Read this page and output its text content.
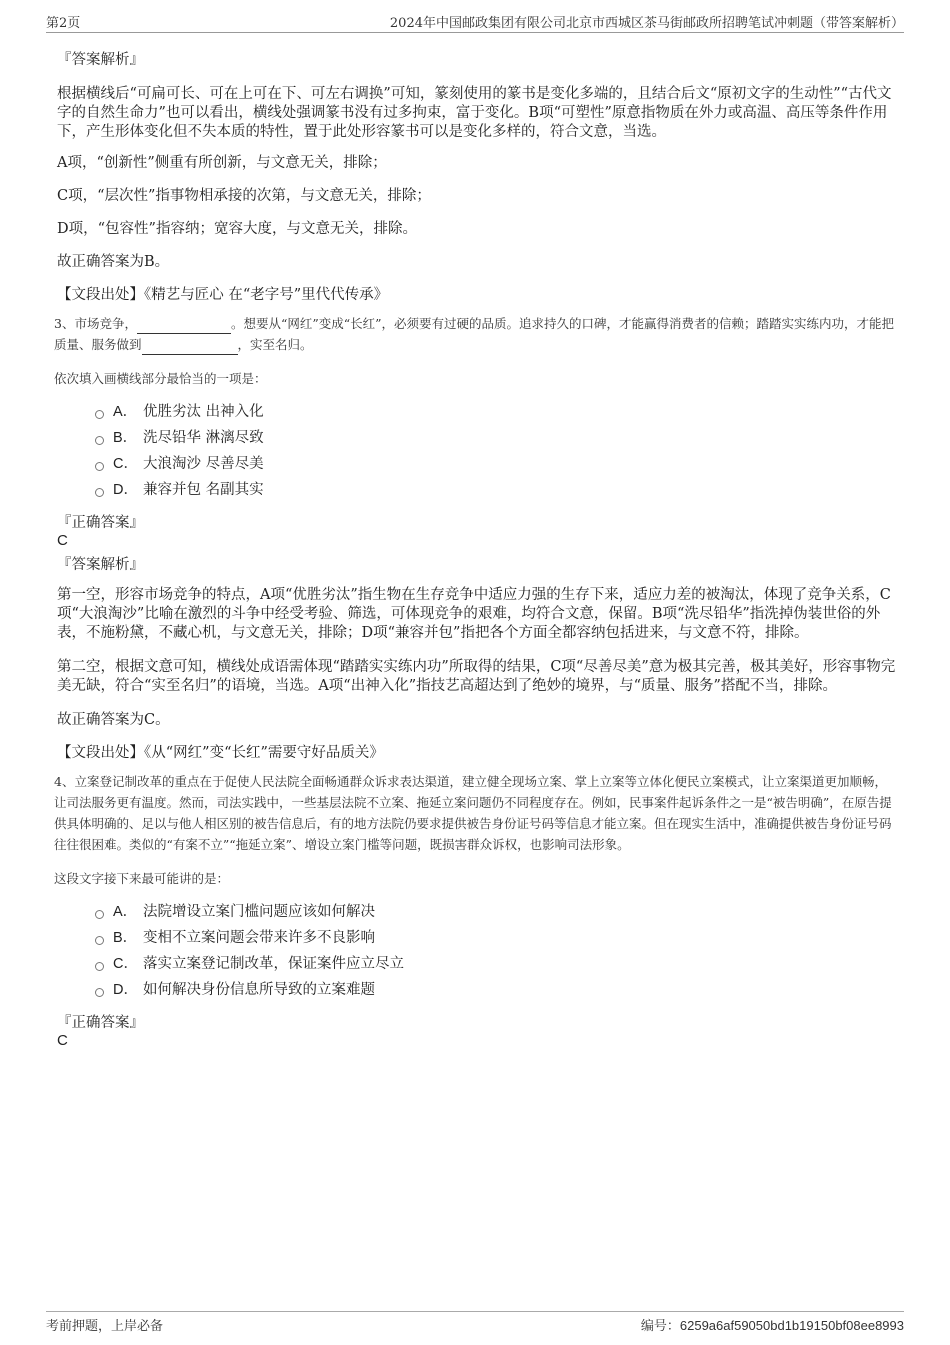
第2页	2024年中国邮政集团有限公司北京市西城区茶马街邮政所招聘笔试冲刺题（带答案解析）

『答案解析』

根据横线后“可扁可长、可在上可在下、可左右调换”可知，篆刻使用的篆书是变化多端的，且结合后文“原初文字的生动性”“古代文字的自然生命力”也可以看出，横线处强调篆书没有过多拘束，富于变化。B项“可塑性”原意指物质在外力或高温、高压等条件作用下，产生形体变化但不失本质的特性，置于此处形容篆书可以是变化多样的，符合文意，当选。

A项，“创新性”侧重有所创新，与文意无关，排除；

C项，“层次性”指事物相承接的次第，与文意无关，排除；

D项，“包容性”指容纳；宽容大度，与文意无关，排除。

故正确答案为B。

【文段出处】《精艺与匠心 在“老字号”里代代传承》

3、市场竞争，	。想要从“网红”变成“长红”，必须要有过硬的品质。追求持久的口碑，才能赢得消费者的信赖；踏踏实实练内功，才能把质量、服务做到	，实至名归。

依次填入画横线部分最恰当的一项是：

A． 优胜劣汰 出神入化
B． 洗尽铅华 淋漓尽致
C． 大浪淘沙 尽善尽美
D． 兼容并包 名副其实

『正确答案』

C

『答案解析』

第一空，形容市场竞争的特点，A项“优胜劣汰”指生物在生存竞争中适应力强的生存下来，适应力差的被淘汰，体现了竞争关系，C项“大浪淘沙”比喻在激烈的斗争中经受考验、筛选，可体现竞争的艰难，均符合文意，保留。B项“洗尽铅华”指洗掉伪装世俗的外表，不施粉黛，不藏心机，与文意无关，排除；D项“兼容并包”指把各个方面全都容纳包括进来，与文意不符，排除。

第二空，根据文意可知，横线处成语需体现“踏踏实实练内功”所取得的结果，C项“尽善尽美”意为极其完善，极其美好，形容事物完美无缺，符合“实至名归”的语境，当选。A项“出神入化”指技艺高超达到了绝妙的境界，与“质量、服务”搭配不当，排除。

故正确答案为C。

【文段出处】《从“网红”变“长红”需要守好品质关》

4、立案登记制改革的重点在于促使人民法院全面畅通群众诉求表达渠道，建立健全现场立案、掌上立案等立体化便民立案模式，让立案渠道更加顺畅，让司法服务更有温度。然而，司法实践中，一些基层法院不立案、拖延立案问题仍不同程度存在。例如，民事案件起诉条件之一是“被告明确”，在原告提供具体明确的、足以与他人相区别的被告信息后，有的地方法院仍要求提供被告身份证号码等信息才能立案。但在现实生活中，准确提供被告身份证号码往往很困难。类似的“有案不立”“拖延立案”、增设立案门槛等问题，既损害群众诉权，也影响司法形象。

这段文字接下来最可能讲的是：

A． 法院增设立案门槛问题应该如何解决
B． 变相不立案问题会带来许多不良影响
C． 落实立案登记制改革，保证案件应立尽立
D． 如何解决身份信息所导致的立案难题

『正确答案』

C

考前押题，上岸必备	编号：6259a6af59050bd1b19150bf08ee8993
